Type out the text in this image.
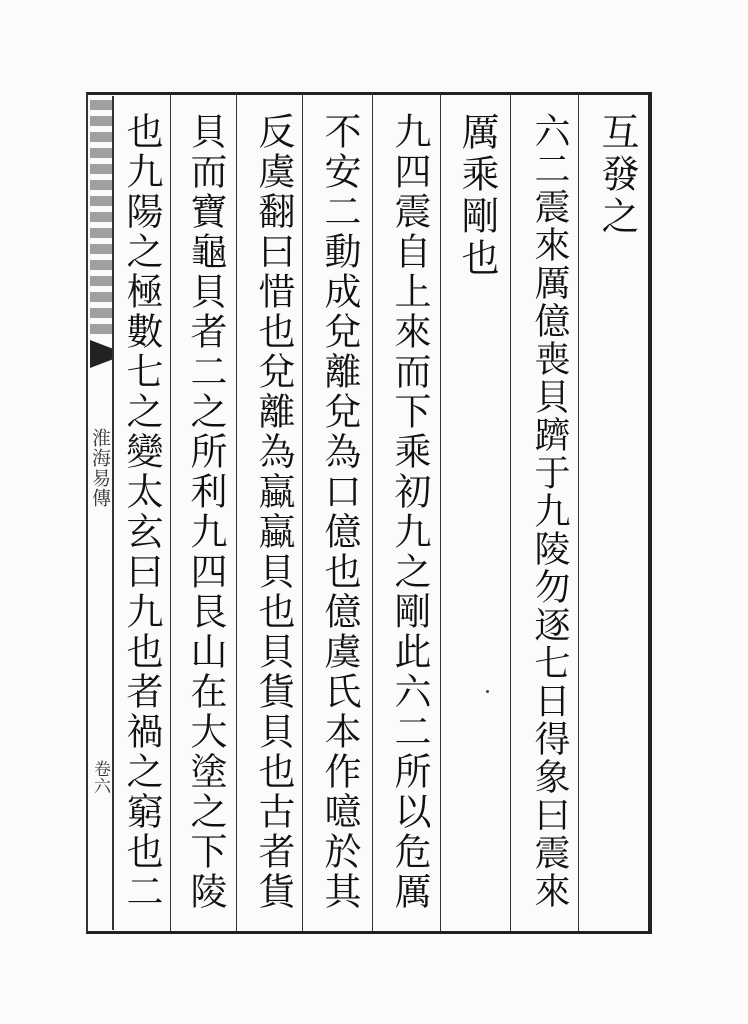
淮海易傳
卷六
互發之
六二震來厲億喪貝躋于九陵勿逐七日得象曰震來
厲乘剛也
九四震自上來而下乘初九之剛此六二所以危厲
不安二動成兌離兌為口億也億虞氏本作噫於其
反虞翻曰惜也兌離為蠃蠃貝也貝貨貝也古者貨
貝而寶龜貝者二之所利九四艮山在大塗之下陵
也九陽之極數七之變太玄曰九也者禍之窮也二
